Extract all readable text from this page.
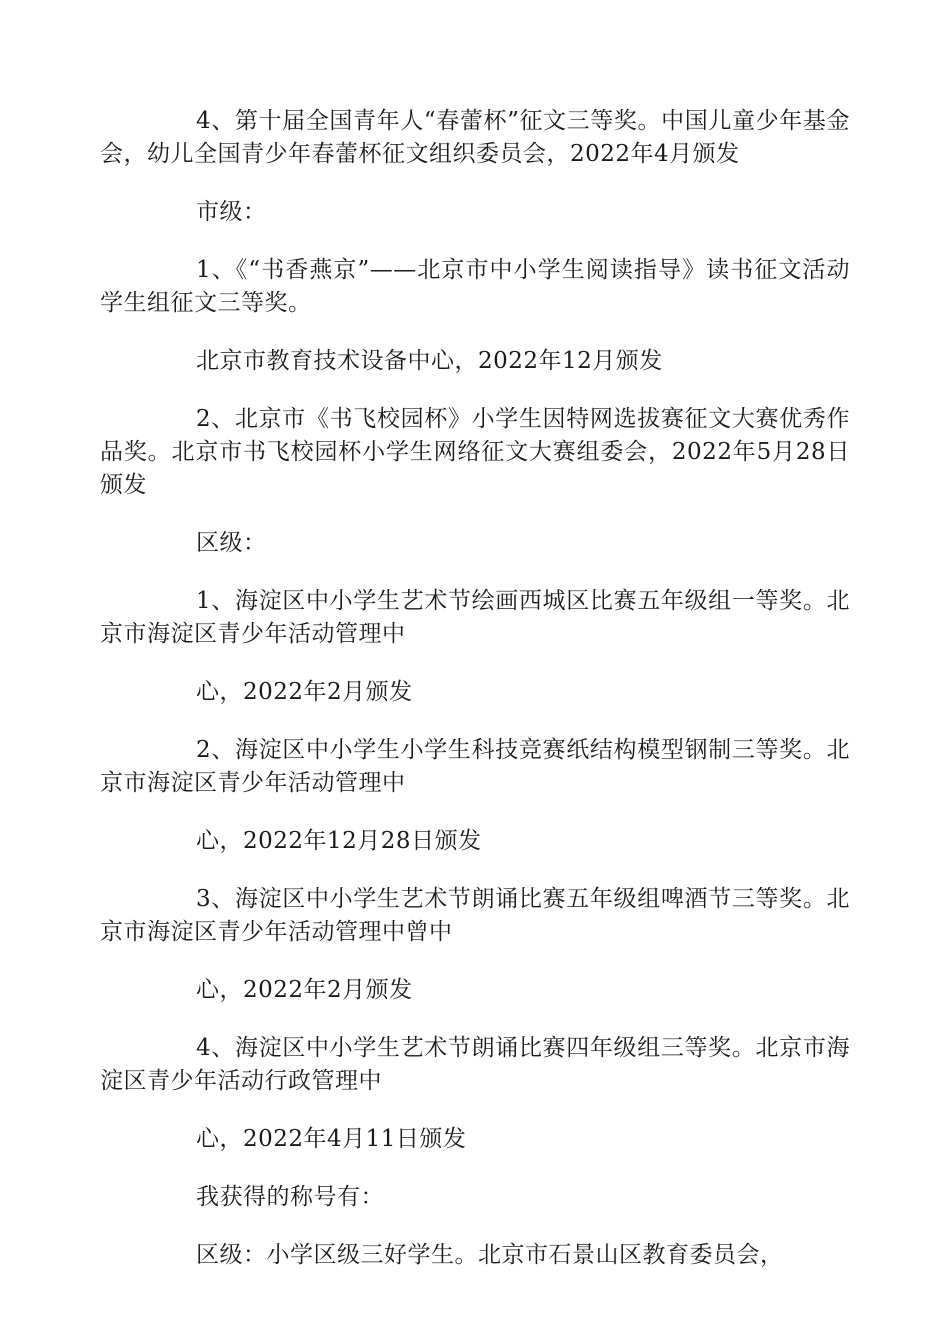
4、第十届全国青年人“春蕾杯”征文三等奖。中国儿童少年基金会，幼儿全国青少年春蕾杯征文组织委员会，2022年4月颁发

市级：

1、《“书香燕京”——北京市中小学生阅读指导》读书征文活动学生组征文三等奖。

北京市教育技术设备中心，2022年12月颁发

2、北京市《书飞校园杯》小学生因特网选拔赛征文大赛优秀作品奖。北京市书飞校园杯小学生网络征文大赛组委会，2022年5月28日颁发

区级：

1、海淀区中小学生艺术节绘画西城区比赛五年级组一等奖。北京市海淀区青少年活动管理中

心，2022年2月颁发

2、海淀区中小学生小学生科技竞赛纸结构模型钢制三等奖。北京市海淀区青少年活动管理中

心，2022年12月28日颁发

3、海淀区中小学生艺术节朗诵比赛五年级组啤酒节三等奖。北京市海淀区青少年活动管理中曾中

心，2022年2月颁发

4、海淀区中小学生艺术节朗诵比赛四年级组三等奖。北京市海淀区青少年活动行政管理中

心，2022年4月11日颁发

我获得的称号有：

区级：小学区级三好学生。北京市石景山区教育委员会，
